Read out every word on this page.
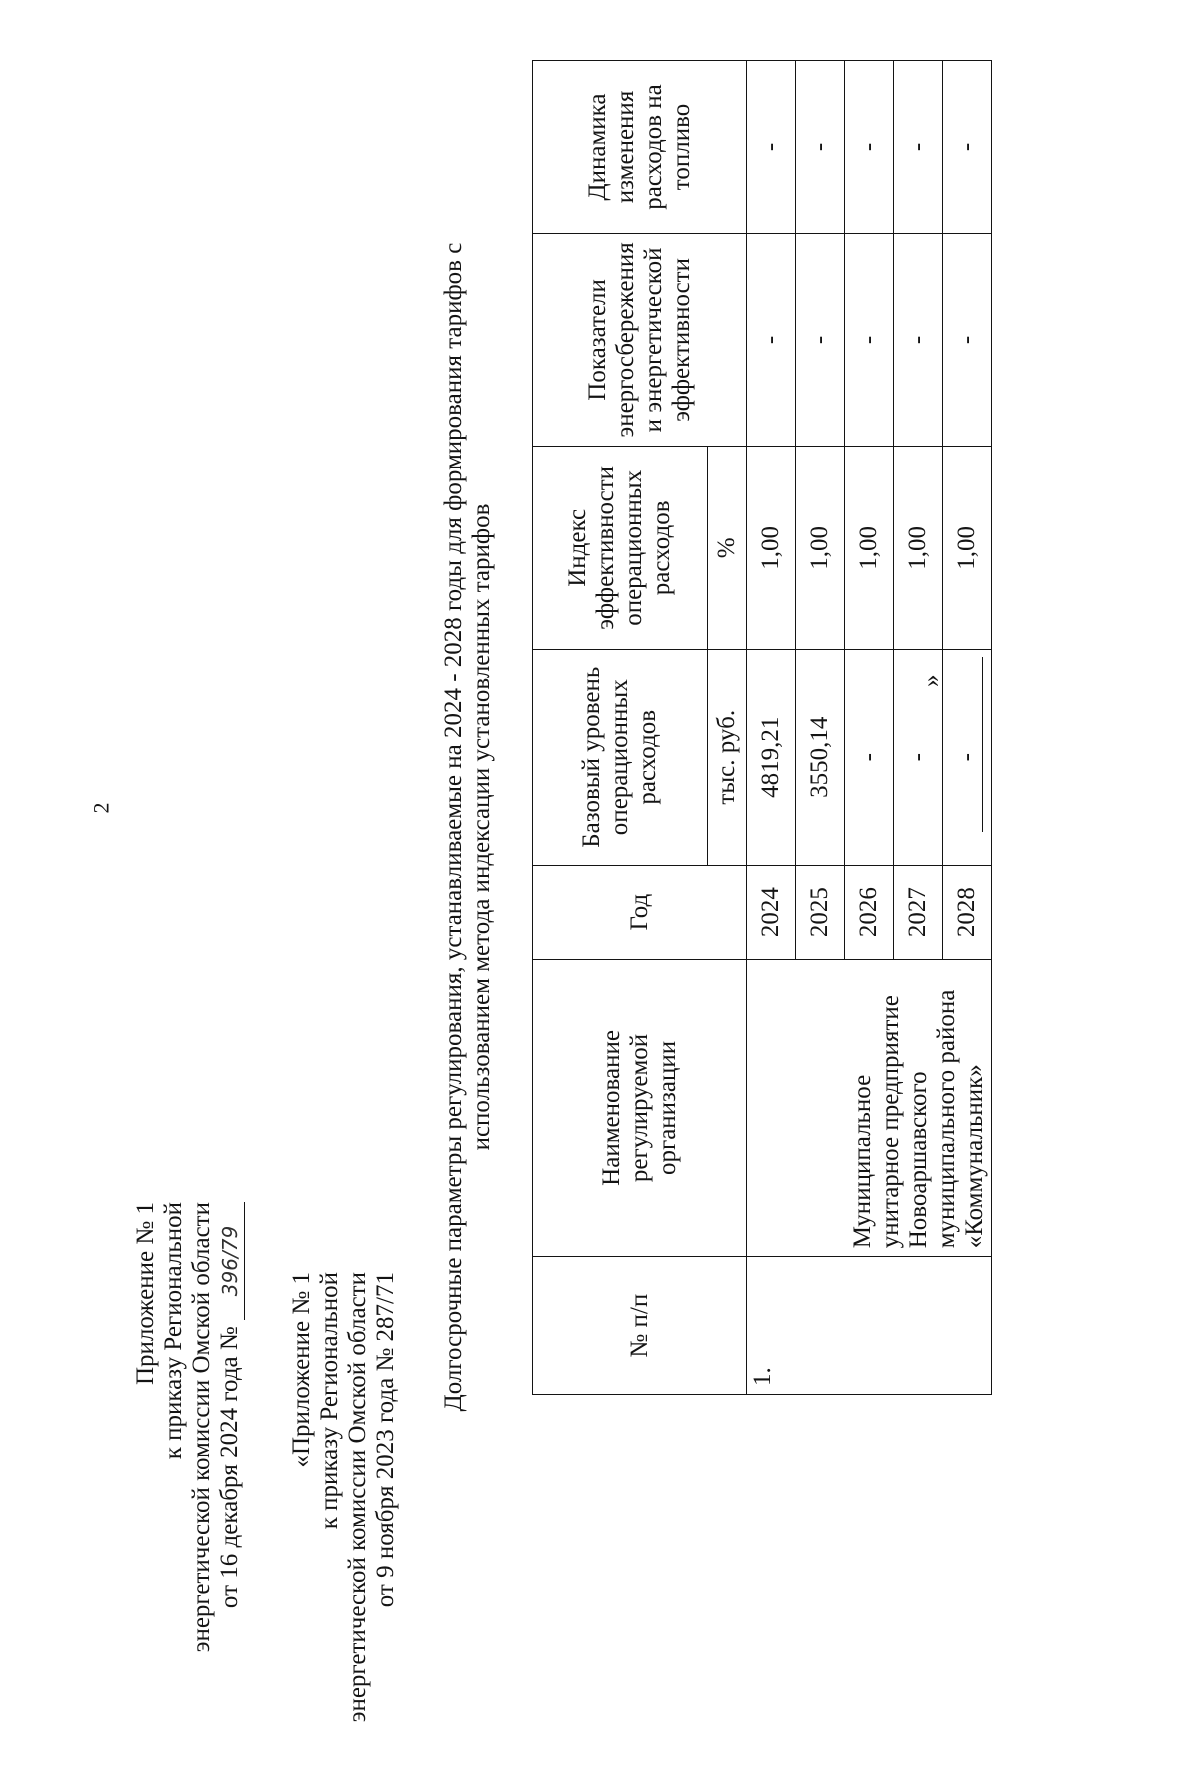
2
Приложение № 1 к приказу Региональной энергетической комиссии Омской области от 16 декабря 2024 года № 396/79
«Приложение № 1 к приказу Региональной энергетической комиссии Омской области от 9 ноября 2023 года № 287/71
Долгосрочные параметры регулирования, устанавливаемые на 2024 - 2028 годы для формирования тарифов с использованием метода индексации установленных тарифов
№ п/п	Наименование регулируемой организации	Год	Базовый уровень операционных расходов	Индекс эффективности операционных расходов	Показатели энергосбережения и энергетической эффективности	Динамика изменения расходов на топливо
			тыс. руб.	%		
1.	Муниципальное унитарное предприятие Новоаршавского муниципального района «Коммунальник»	2024	4819,21	1,00	-	-
		2025	3550,14	1,00	-	-
		2026	-	1,00	-	-
		2027	-	1,00	-	-
		2028	-	1,00	-	-
»
